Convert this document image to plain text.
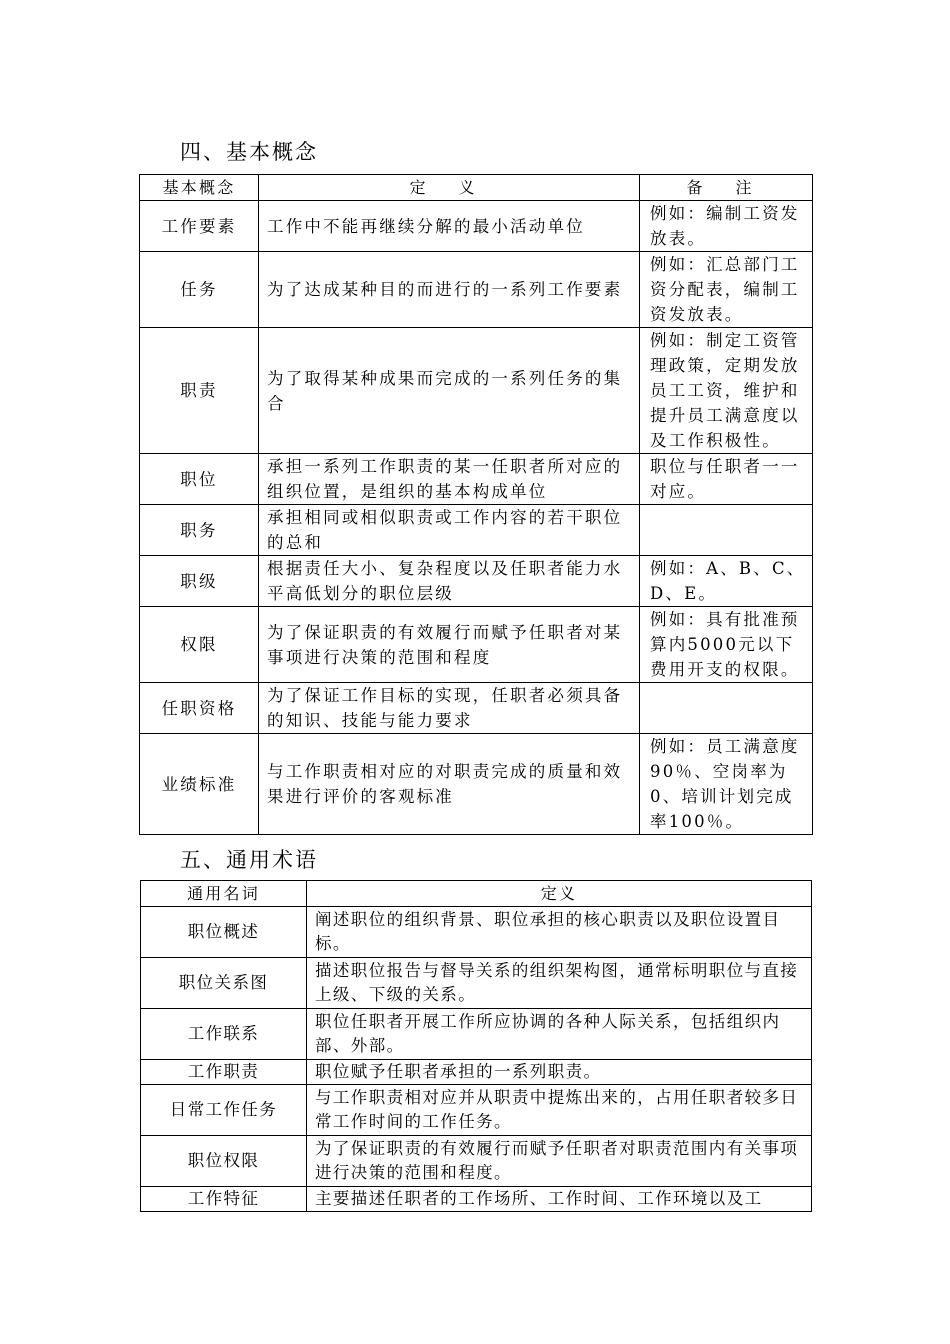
四、基本概念
基本概念	定 义	备 注
工作要素	工作中不能再继续分解的最小活动单位	例如：编制工资发放表。
任务	为了达成某种目的而进行的一系列工作要素	例如：汇总部门工资分配表，编制工资发放表。
职责	为了取得某种成果而完成的一系列任务的集合	例如：制定工资管理政策，定期发放员工工资，维护和提升员工满意度以及工作积极性。
职位	承担一系列工作职责的某一任职者所对应的组织位置，是组织的基本构成单位	职位与任职者一一对应。
职务	承担相同或相似职责或工作内容的若干职位的总和	
职级	根据责任大小、复杂程度以及任职者能力水平高低划分的职位层级	例如：A、B、C、D、E。
权限	为了保证职责的有效履行而赋予任职者对某事项进行决策的范围和程度	例如：具有批准预算内5000元以下费用开支的权限。
任职资格	为了保证工作目标的实现，任职者必须具备的知识、技能与能力要求	
业绩标准	与工作职责相对应的对职责完成的质量和效果进行评价的客观标准	例如：员工满意度90％、空岗率为0、培训计划完成率100％。
五、通用术语
通用名词	定义
职位概述	阐述职位的组织背景、职位承担的核心职责以及职位设置目标。
职位关系图	描述职位报告与督导关系的组织架构图，通常标明职位与直接上级、下级的关系。
工作联系	职位任职者开展工作所应协调的各种人际关系，包括组织内部、外部。
工作职责	职位赋予任职者承担的一系列职责。
日常工作任务	与工作职责相对应并从职责中提炼出来的，占用任职者较多日常工作时间的工作任务。
职位权限	为了保证职责的有效履行而赋予任职者对职责范围内有关事项进行决策的范围和程度。
工作特征	主要描述任职者的工作场所、工作时间、工作环境以及工
